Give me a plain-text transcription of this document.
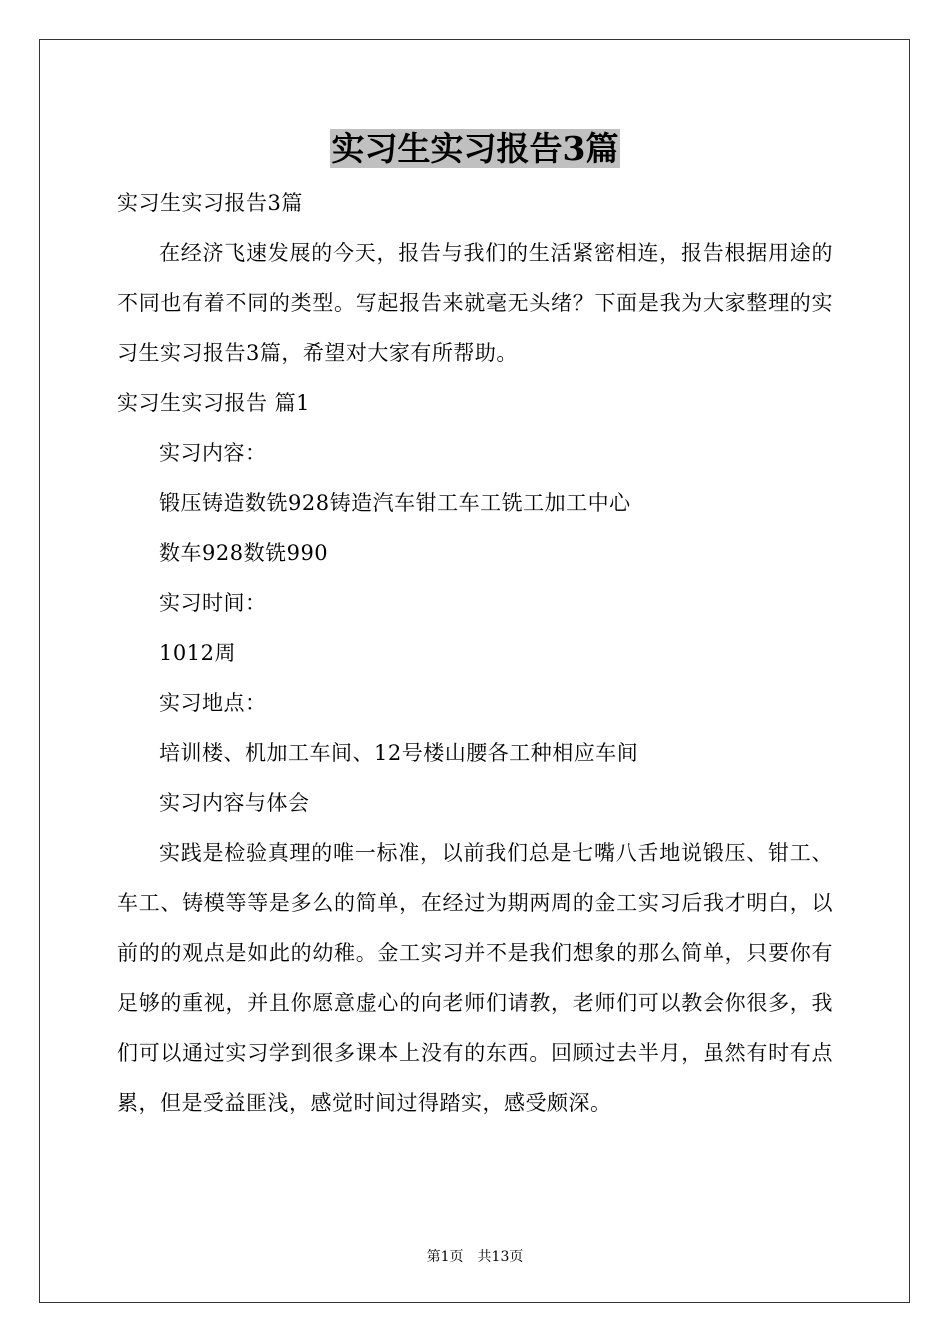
实习生实习报告3篇

实习生实习报告3篇

在经济飞速发展的今天，报告与我们的生活紧密相连，报告根据用途的不同也有着不同的类型。写起报告来就毫无头绪？下面是我为大家整理的实习生实习报告3篇，希望对大家有所帮助。

实习生实习报告 篇1

实习内容：

锻压铸造数铣928铸造汽车钳工车工铣工加工中心

数车928数铣990

实习时间：

1012周

实习地点：

培训楼、机加工车间、12号楼山腰各工种相应车间

实习内容与体会

实践是检验真理的唯一标准，以前我们总是七嘴八舌地说锻压、钳工、车工、铸模等等是多么的简单，在经过为期两周的金工实习后我才明白，以前的的观点是如此的幼稚。金工实习并不是我们想象的那么简单，只要你有足够的重视，并且你愿意虚心的向老师们请教，老师们可以教会你很多，我们可以通过实习学到很多课本上没有的东西。回顾过去半月，虽然有时有点累，但是受益匪浅，感觉时间过得踏实，感受颇深。

第1页 共13页
